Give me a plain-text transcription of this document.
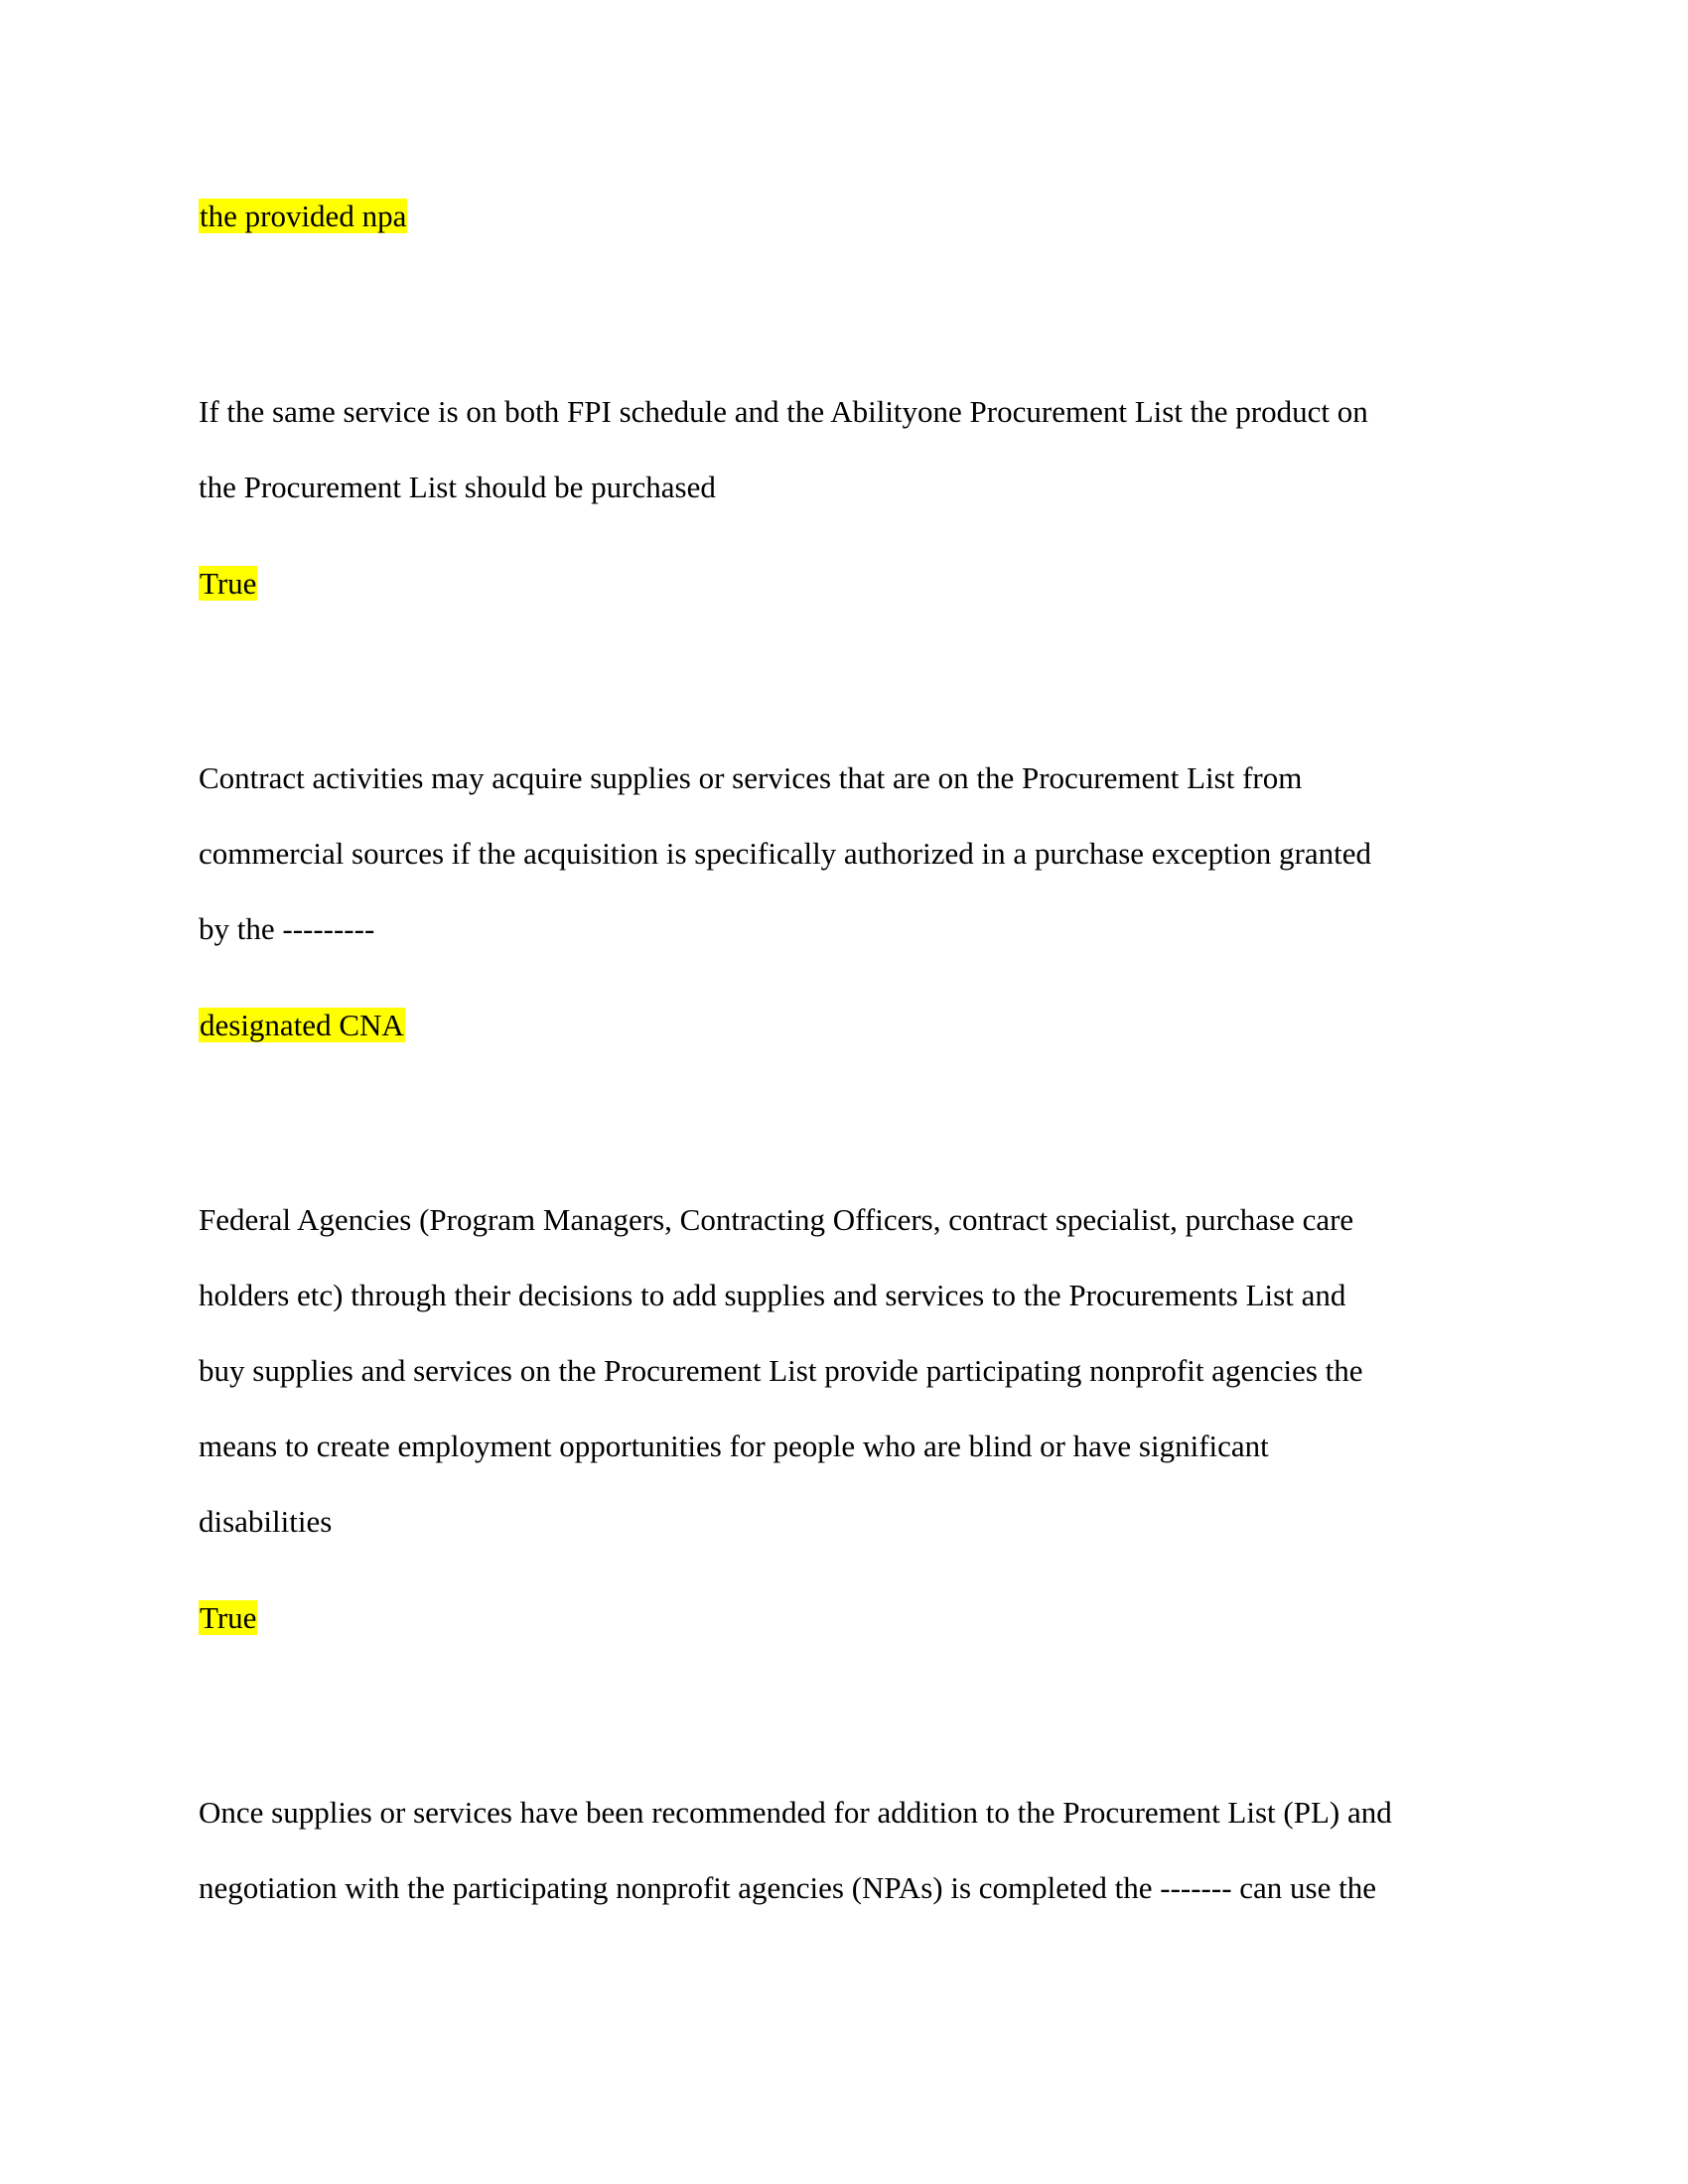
the provided npa
If the same service is on both FPI schedule and the Abilityone Procurement List the product on
the Procurement List should be purchased
True
Contract activities may acquire supplies or services that are on the Procurement List from
commercial sources if the acquisition is specifically authorized in a purchase exception granted
by the ---------
designated CNA
Federal Agencies (Program Managers, Contracting Officers, contract specialist, purchase care
holders etc) through their decisions to add supplies and services to the Procurements List and
buy supplies and services on the Procurement List provide participating nonprofit agencies the
means to create employment opportunities for people who are blind or have significant
disabilities
True
Once supplies or services have been recommended for addition to the Procurement List (PL) and
negotiation with the participating nonprofit agencies (NPAs) is completed the ------- can use the
